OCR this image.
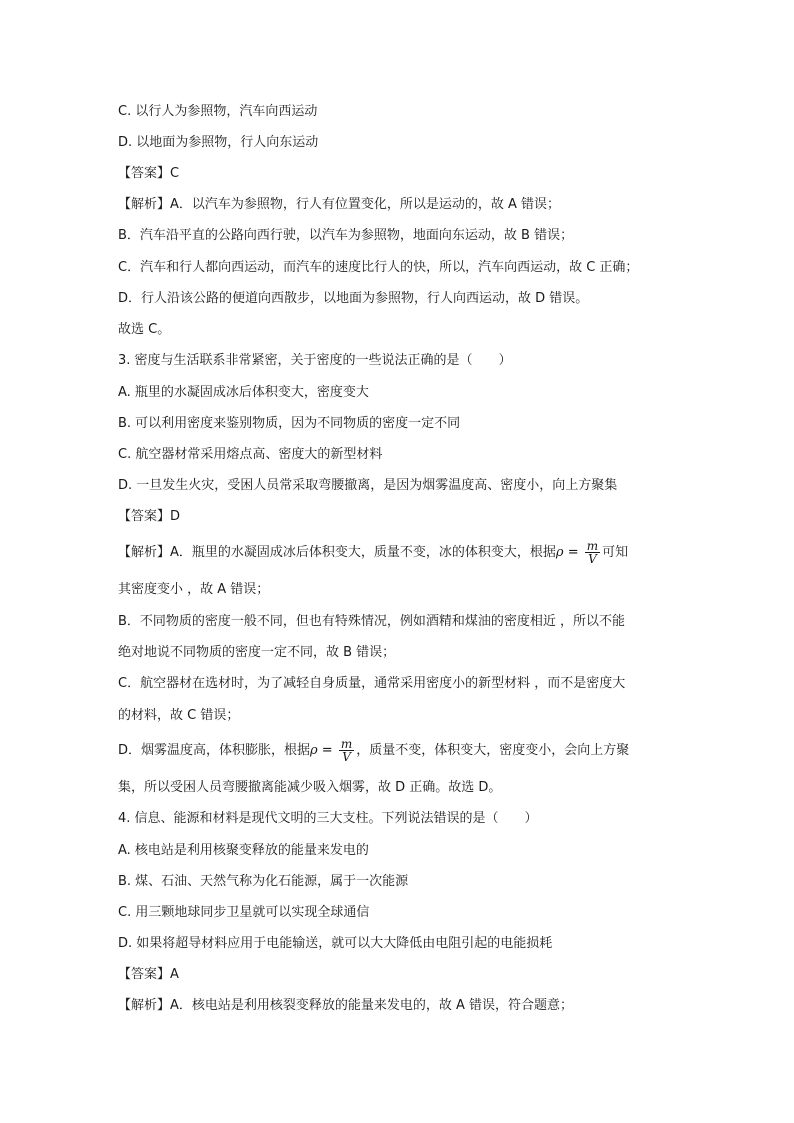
C. 以行人为参照物，汽车向西运动
D. 以地面为参照物，行人向东运动
【答案】C
【解析】A．以汽车为参照物，行人有位置变化，所以是运动的，故 A 错误；
B．汽车沿平直的公路向西行驶，以汽车为参照物，地面向东运动，故 B 错误；
C．汽车和行人都向西运动，而汽车的速度比行人的快，所以，汽车向西运动，故 C 正确；
D．行人沿该公路的便道向西散步，以地面为参照物，行人向西运动，故 D 错误。
故选 C。
3. 密度与生活联系非常紧密，关于密度的一些说法正确的是（　　）
A. 瓶里的水凝固成冰后体积变大，密度变大
B. 可以利用密度来鉴别物质，因为不同物质的密度一定不同
C. 航空器材常采用熔点高、密度大的新型材料
D. 一旦发生火灾，受困人员常采取弯腰撤离，是因为烟雾温度高、密度小，向上方聚集
【答案】D
【解析】A．瓶里的水凝固成冰后体积变大，质量不变，冰的体积变大，根据$\rho = \frac{m}{V}$ 可知
其密度变小 ，故 A 错误；
B．不同物质的密度一般不同，但也有特殊情况，例如酒精和煤油的密度相近 ，所以不能
绝对地说不同物质的密度一定不同，故 B 错误；
C．航空器材在选材时，为了减轻自身质量，通常采用密度小的新型材料 ，而不是密度大
的材料，故 C 错误；
D．烟雾温度高，体积膨胀，根据$\rho = \frac{m}{V}$ ，质量不变，体积变大，密度变小，会向上方聚
集，所以受困人员弯腰撤离能减少吸入烟雾，故 D 正确。故选 D。
4. 信息、能源和材料是现代文明的三大支柱。下列说法错误的是（　　）
A. 核电站是利用核聚变释放的能量来发电的
B. 煤、石油、天然气称为化石能源，属于一次能源
C. 用三颗地球同步卫星就可以实现全球通信
D. 如果将超导材料应用于电能输送，就可以大大降低由电阻引起的电能损耗
【答案】A
【解析】A．核电站是利用核裂变释放的能量来发电的，故 A 错误，符合题意；
